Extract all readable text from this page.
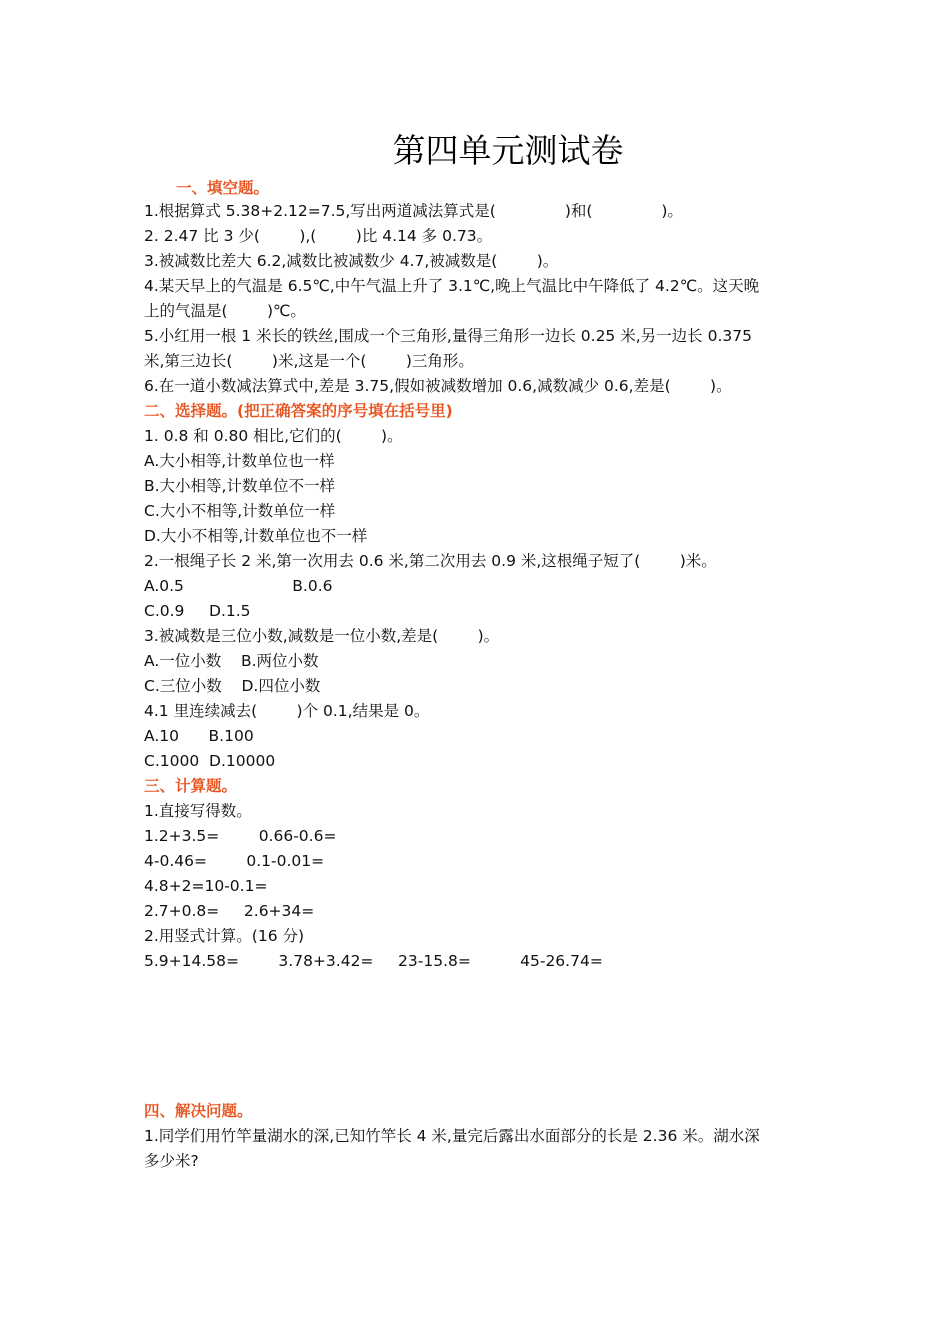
第四单元测试卷
一、填空题。
1.根据算式 5.38+2.12=7.5,写出两道减法算式是(              )和(              )。
2. 2.47 比 3 少(        ),(        )比 4.14 多 0.73。
3.被减数比差大 6.2,减数比被减数少 4.7,被减数是(        )。
4.某天早上的气温是 6.5℃,中午气温上升了 3.1℃,晚上气温比中午降低了 4.2℃。这天晚
上的气温是(        )℃。
5.小红用一根 1 米长的铁丝,围成一个三角形,量得三角形一边长 0.25 米,另一边长 0.375
米,第三边长(        )米,这是一个(        )三角形。
6.在一道小数减法算式中,差是 3.75,假如被减数增加 0.6,减数减少 0.6,差是(        )。
二、选择题。(把正确答案的序号填在括号里)
1. 0.8 和 0.80 相比,它们的(        )。
A.大小相等,计数单位也一样
B.大小相等,计数单位不一样
C.大小不相等,计数单位一样
D.大小不相等,计数单位也不一样
2.一根绳子长 2 米,第一次用去 0.6 米,第二次用去 0.9 米,这根绳子短了(        )米。
A.0.5                      B.0.6
C.0.9     D.1.5
3.被减数是三位小数,减数是一位小数,差是(        )。
A.一位小数    B.两位小数
C.三位小数    D.四位小数
4.1 里连续减去(        )个 0.1,结果是 0。
A.10      B.100
C.1000  D.10000
三、计算题。
1.直接写得数。
1.2+3.5=        0.66-0.6=
4-0.46=        0.1-0.01=
4.8+2=10-0.1=
2.7+0.8=     2.6+34=
2.用竖式计算。(16 分)
5.9+14.58=        3.78+3.42=     23-15.8=          45-26.74=
四、解决问题。
1.同学们用竹竿量湖水的深,已知竹竿长 4 米,量完后露出水面部分的长是 2.36 米。湖水深
多少米?
